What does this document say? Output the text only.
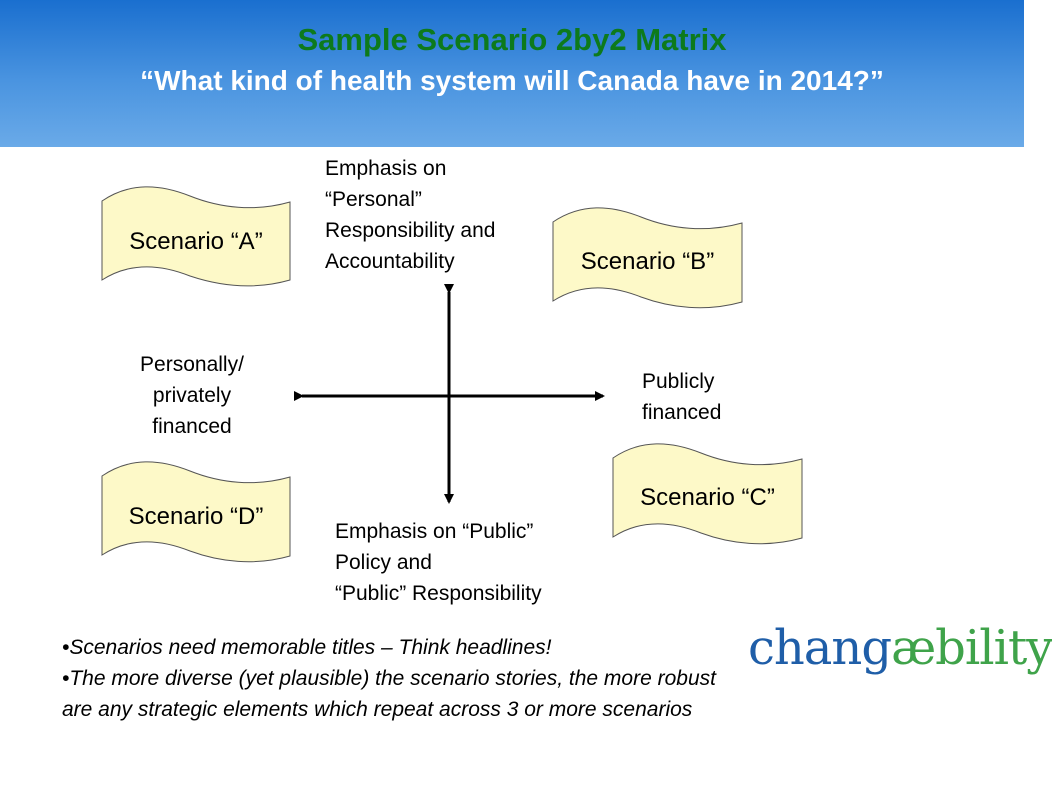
Sample Scenario 2by2 Matrix
“What kind of health system will Canada have in 2014?”
Scenario “A”
Scenario “B”
Scenario “C”
Scenario “D”
Emphasis on
“Personal”
Responsibility and
Accountability
Emphasis on “Public”
Policy and
“Public” Responsibility
Personally/
privately
financed
Publicly
financed
•Scenarios need memorable titles – Think headlines!
•The more diverse (yet plausible) the scenario stories, the more robust are any strategic elements which repeat across 3 or more scenarios
changæbility
